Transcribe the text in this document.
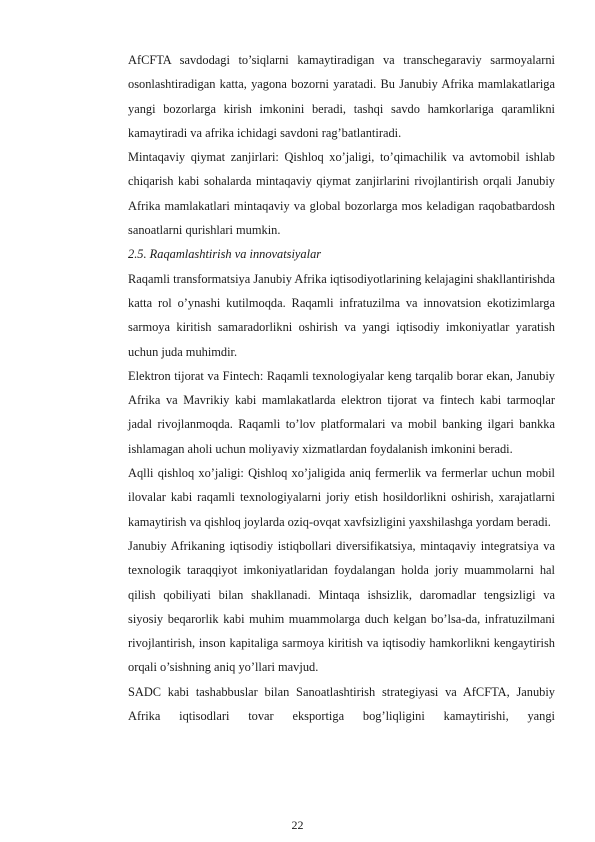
AfCFTA savdodagi to’siqlarni kamaytiradigan va transchegaraviy sarmoyalarni osonlashtiradigan katta, yagona bozorni yaratadi. Bu Janubiy Afrika mamlakatlariga yangi bozorlarga kirish imkonini beradi, tashqi savdo hamkorlariga qaramlikni kamaytiradi va afrika ichidagi savdoni rag’batlantiradi.

Mintaqaviy qiymat zanjirlari: Qishloq xo’jaligi, to’qimachilik va avtomobil ishlab chiqarish kabi sohalarda mintaqaviy qiymat zanjirlarini rivojlantirish orqali Janubiy Afrika mamlakatlari mintaqaviy va global bozorlarga mos keladigan raqobatbardosh sanoatlarni qurishlari mumkin.

2.5. Raqamlashtirish va innovatsiyalar

Raqamli transformatsiya Janubiy Afrika iqtisodiyotlarining kelajagini shakllantirishda katta rol o’ynashi kutilmoqda. Raqamli infratuzilma va innovatsion ekotizimlarga sarmoya kiritish samaradorlikni oshirish va yangi iqtisodiy imkoniyatlar yaratish uchun juda muhimdir.

Elektron tijorat va Fintech: Raqamli texnologiyalar keng tarqalib borar ekan, Janubiy Afrika va Mavrikiy kabi mamlakatlarda elektron tijorat va fintech kabi tarmoqlar jadal rivojlanmoqda. Raqamli to’lov platformalari va mobil banking ilgari bankka ishlamagan aholi uchun moliyaviy xizmatlardan foydalanish imkonini beradi.

Aqlli qishloq xo’jaligi: Qishloq xo’jaligida aniq fermerlik va fermerlar uchun mobil ilovalar kabi raqamli texnologiyalarni joriy etish hosildorlikni oshirish, xarajatlarni kamaytirish va qishloq joylarda oziq-ovqat xavfsizligini yaxshilashga yordam beradi.

Janubiy Afrikaning iqtisodiy istiqbollari diversifikatsiya, mintaqaviy integratsiya va texnologik taraqqiyot imkoniyatlaridan foydalangan holda joriy muammolarni hal qilish qobiliyati bilan shakllanadi. Mintaqa ishsizlik, daromadlar tengsizligi va siyosiy beqarorlik kabi muhim muammolarga duch kelgan bo’lsa-da, infratuzilmani rivojlantirish, inson kapitaliga sarmoya kiritish va iqtisodiy hamkorlikni kengaytirish orqali o’sishning aniq yo’llari mavjud.

SADC kabi tashabbuslar bilan Sanoatlashtirish strategiyasi va AfCFTA, Janubiy Afrika iqtisodlari tovar eksportiga bog’liqligini kamaytirishi, yangi

22
